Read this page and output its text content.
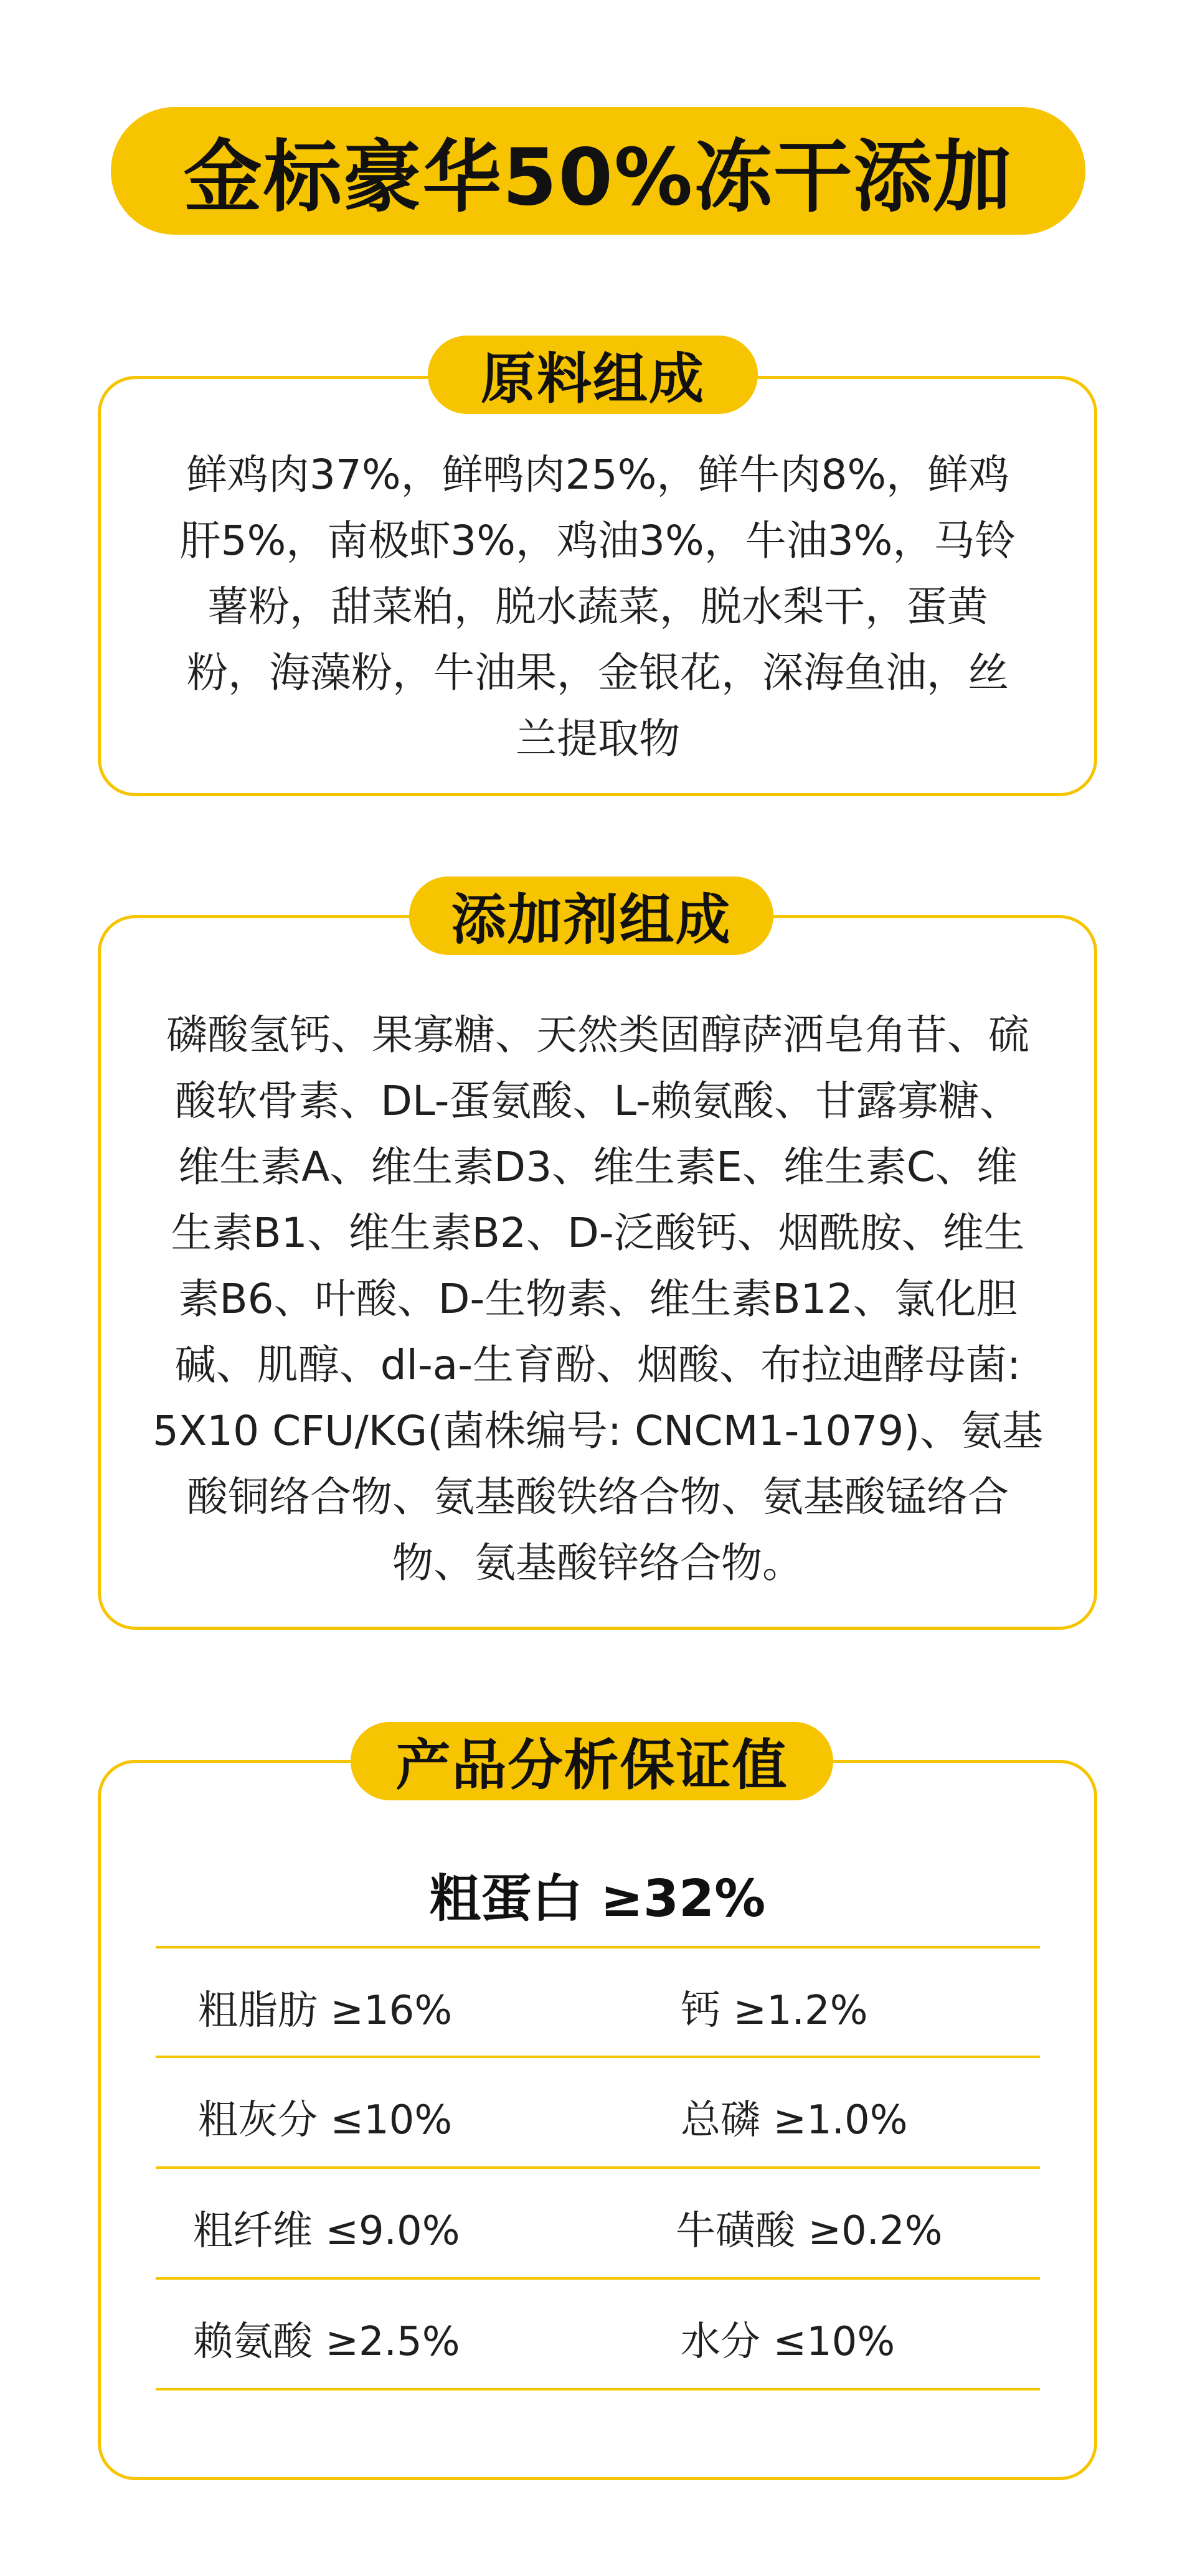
金标豪华50%冻干添加
原料组成
鲜鸡肉37%，鲜鸭肉25%，鲜牛肉8%，鲜鸡
肝5%，南极虾3%，鸡油3%，牛油3%，马铃
薯粉，甜菜粕，脱水蔬菜，脱水梨干，蛋黄
粉，海藻粉，牛油果，金银花，深海鱼油，丝
兰提取物
添加剂组成
磷酸氢钙、果寡糖、天然类固醇萨洒皂角苷、硫
酸软骨素、DL-蛋氨酸、L-赖氨酸、甘露寡糖、
维生素A、维生素D3、维生素E、维生素C、维
生素B1、维生素B2、D-泛酸钙、烟酰胺、维生
素B6、叶酸、D-生物素、维生素B12、氯化胆
碱、肌醇、dl-a-生育酚、烟酸、布拉迪酵母菌:
5X10 CFU/KG(菌株编号: CNCM1-1079)、氨基
酸铜络合物、氨基酸铁络合物、氨基酸锰络合
物、氨基酸锌络合物。
产品分析保证值
粗蛋白 ≥32%
粗脂肪 ≥16%	钙 ≥1.2%
粗灰分 ≤10%	总磷 ≥1.0%
粗纤维 ≤9.0%	牛磺酸 ≥0.2%
赖氨酸 ≥2.5%	水分 ≤10%
